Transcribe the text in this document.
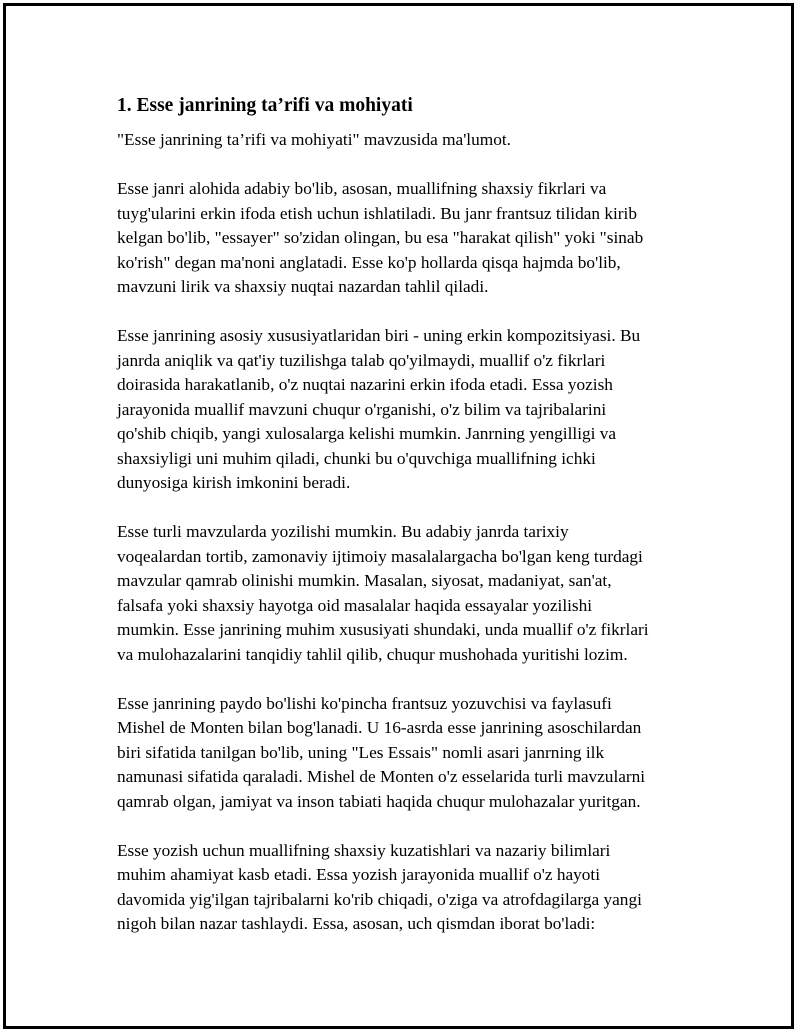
1. Esse janrining ta’rifi va mohiyati

"Esse janrining ta’rifi va mohiyati" mavzusida ma'lumot.

Esse janri alohida adabiy bo'lib, asosan, muallifning shaxsiy fikrlari va
tuyg'ularini erkin ifoda etish uchun ishlatiladi. Bu janr frantsuz tilidan kirib
kelgan bo'lib, "essayer" so'zidan olingan, bu esa "harakat qilish" yoki "sinab
ko'rish" degan ma'noni anglatadi. Esse ko'p hollarda qisqa hajmda bo'lib,
mavzuni lirik va shaxsiy nuqtai nazardan tahlil qiladi.

Esse janrining asosiy xususiyatlaridan biri - uning erkin kompozitsiyasi. Bu
janrda aniqlik va qat'iy tuzilishga talab qo'yilmaydi, muallif o'z fikrlari
doirasida harakatlanib, o'z nuqtai nazarini erkin ifoda etadi. Essa yozish
jarayonida muallif mavzuni chuqur o'rganishi, o'z bilim va tajribalarini
qo'shib chiqib, yangi xulosalarga kelishi mumkin. Janrning yengilligi va
shaxsiyligi uni muhim qiladi, chunki bu o'quvchiga muallifning ichki
dunyosiga kirish imkonini beradi.

Esse turli mavzularda yozilishi mumkin. Bu adabiy janrda tarixiy
voqealardan tortib, zamonaviy ijtimoiy masalalargacha bo'lgan keng turdagi
mavzular qamrab olinishi mumkin. Masalan, siyosat, madaniyat, san'at,
falsafa yoki shaxsiy hayotga oid masalalar haqida essayalar yozilishi
mumkin. Esse janrining muhim xususiyati shundaki, unda muallif o'z fikrlari
va mulohazalarini tanqidiy tahlil qilib, chuqur mushohada yuritishi lozim.

Esse janrining paydo bo'lishi ko'pincha frantsuz yozuvchisi va faylasufi
Mishel de Monten bilan bog'lanadi. U 16-asrda esse janrining asoschilardan
biri sifatida tanilgan bo'lib, uning "Les Essais" nomli asari janrning ilk
namunasi sifatida qaraladi. Mishel de Monten o'z esselarida turli mavzularni
qamrab olgan, jamiyat va inson tabiati haqida chuqur mulohazalar yuritgan.

Esse yozish uchun muallifning shaxsiy kuzatishlari va nazariy bilimlari
muhim ahamiyat kasb etadi. Essa yozish jarayonida muallif o'z hayoti
davomida yig'ilgan tajribalarni ko'rib chiqadi, o'ziga va atrofdagilarga yangi
nigoh bilan nazar tashlaydi. Essa, asosan, uch qismdan iborat bo'ladi:
